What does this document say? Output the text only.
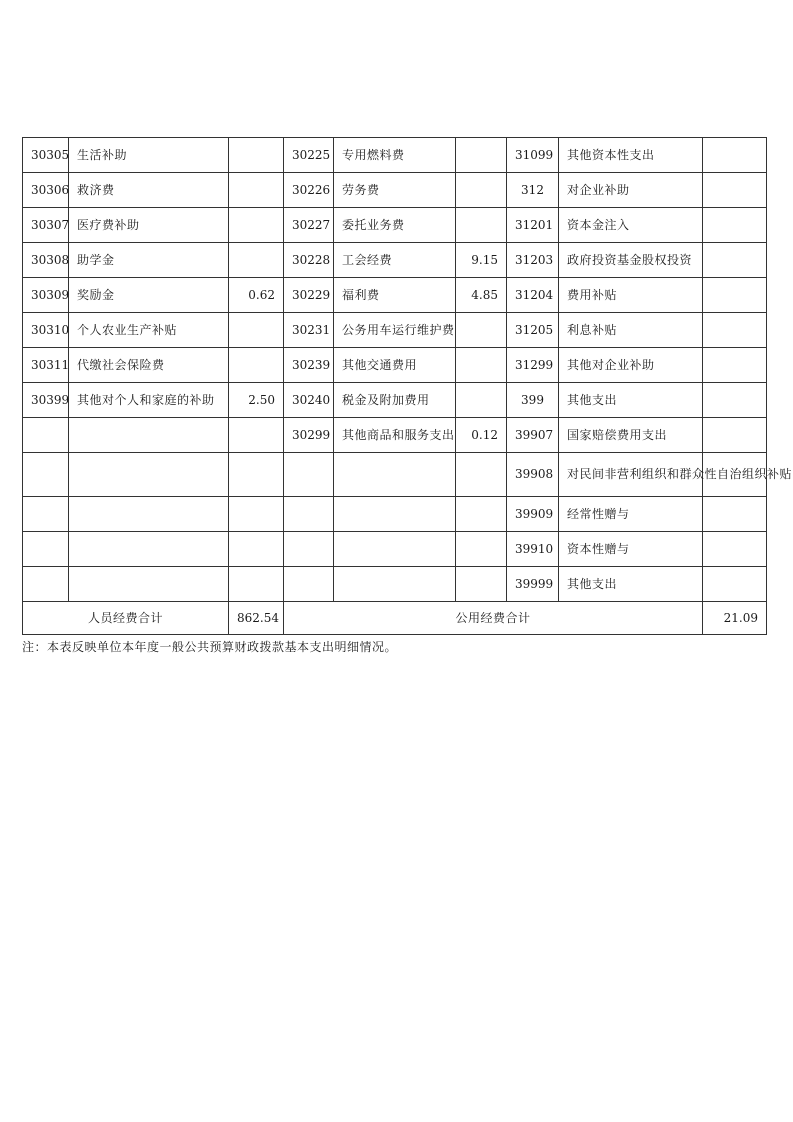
30305	生活补助		30225	专用燃料费		31099	其他资本性支出	
30306	救济费		30226	劳务费		312	对企业补助	
30307	医疗费补助		30227	委托业务费		31201	资本金注入	
30308	助学金		30228	工会经费	9.15	31203	政府投资基金股权投资	
30309	奖励金	0.62	30229	福利费	4.85	31204	费用补贴	
30310	个人农业生产补贴		30231	公务用车运行维护费		31205	利息补贴	
30311	代缴社会保险费		30239	其他交通费用		31299	其他对企业补助	
30399	其他对个人和家庭的补助	2.50	30240	税金及附加费用		399	其他支出	
			30299	其他商品和服务支出	0.12	39907	国家赔偿费用支出	
						39908	对民间非营利组织和群众性自治组织补贴	
						39909	经常性赠与	
						39910	资本性赠与	
						39999	其他支出	
人员经费合计		862.54	公用经费合计					21.09
注：本表反映单位本年度一般公共预算财政拨款基本支出明细情况。
